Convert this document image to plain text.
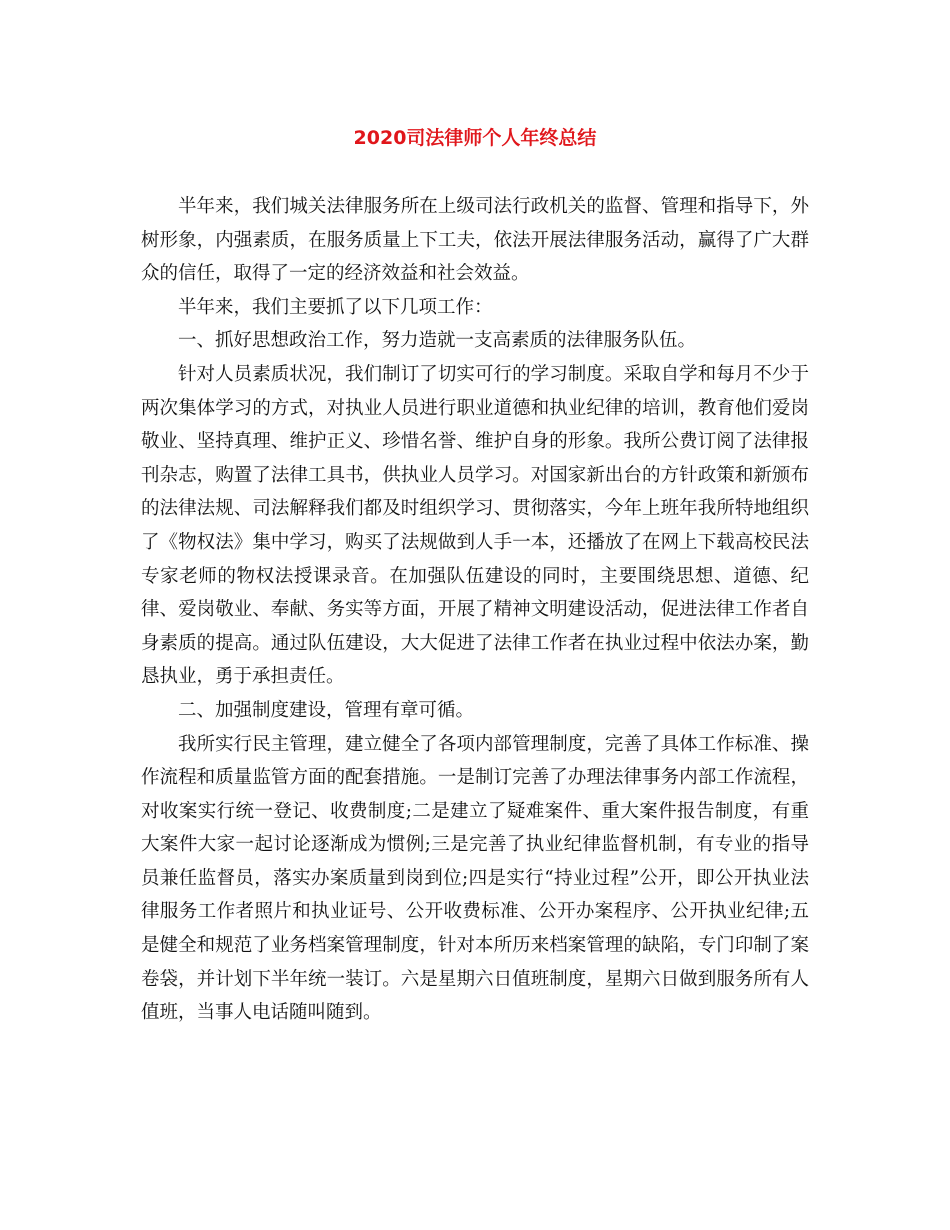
2020司法律师个人年终总结

半年来，我们城关法律服务所在上级司法行政机关的监督、管理和指导下，外树形象，内强素质，在服务质量上下工夫，依法开展法律服务活动，赢得了广大群众的信任，取得了一定的经济效益和社会效益。

半年来，我们主要抓了以下几项工作：

一、抓好思想政治工作，努力造就一支高素质的法律服务队伍。

针对人员素质状况，我们制订了切实可行的学习制度。采取自学和每月不少于两次集体学习的方式，对执业人员进行职业道德和执业纪律的培训，教育他们爱岗敬业、坚持真理、维护正义、珍惜名誉、维护自身的形象。我所公费订阅了法律报刊杂志，购置了法律工具书，供执业人员学习。对国家新出台的方针政策和新颁布的法律法规、司法解释我们都及时组织学习、贯彻落实，今年上班年我所特地组织了《物权法》集中学习，购买了法规做到人手一本，还播放了在网上下载高校民法专家老师的物权法授课录音。在加强队伍建设的同时，主要围绕思想、道德、纪律、爱岗敬业、奉献、务实等方面，开展了精神文明建设活动，促进法律工作者自身素质的提高。通过队伍建设，大大促进了法律工作者在执业过程中依法办案，勤恳执业，勇于承担责任。

二、加强制度建设，管理有章可循。

我所实行民主管理，建立健全了各项内部管理制度，完善了具体工作标准、操作流程和质量监管方面的配套措施。一是制订完善了办理法律事务内部工作流程，对收案实行统一登记、收费制度;二是建立了疑难案件、重大案件报告制度，有重大案件大家一起讨论逐渐成为惯例;三是完善了执业纪律监督机制，有专业的指导员兼任监督员，落实办案质量到岗到位;四是实行“持业过程”公开，即公开执业法律服务工作者照片和执业证号、公开收费标准、公开办案程序、公开执业纪律;五是健全和规范了业务档案管理制度，针对本所历来档案管理的缺陷，专门印制了案卷袋，并计划下半年统一装订。六是星期六日值班制度，星期六日做到服务所有人值班，当事人电话随叫随到。
